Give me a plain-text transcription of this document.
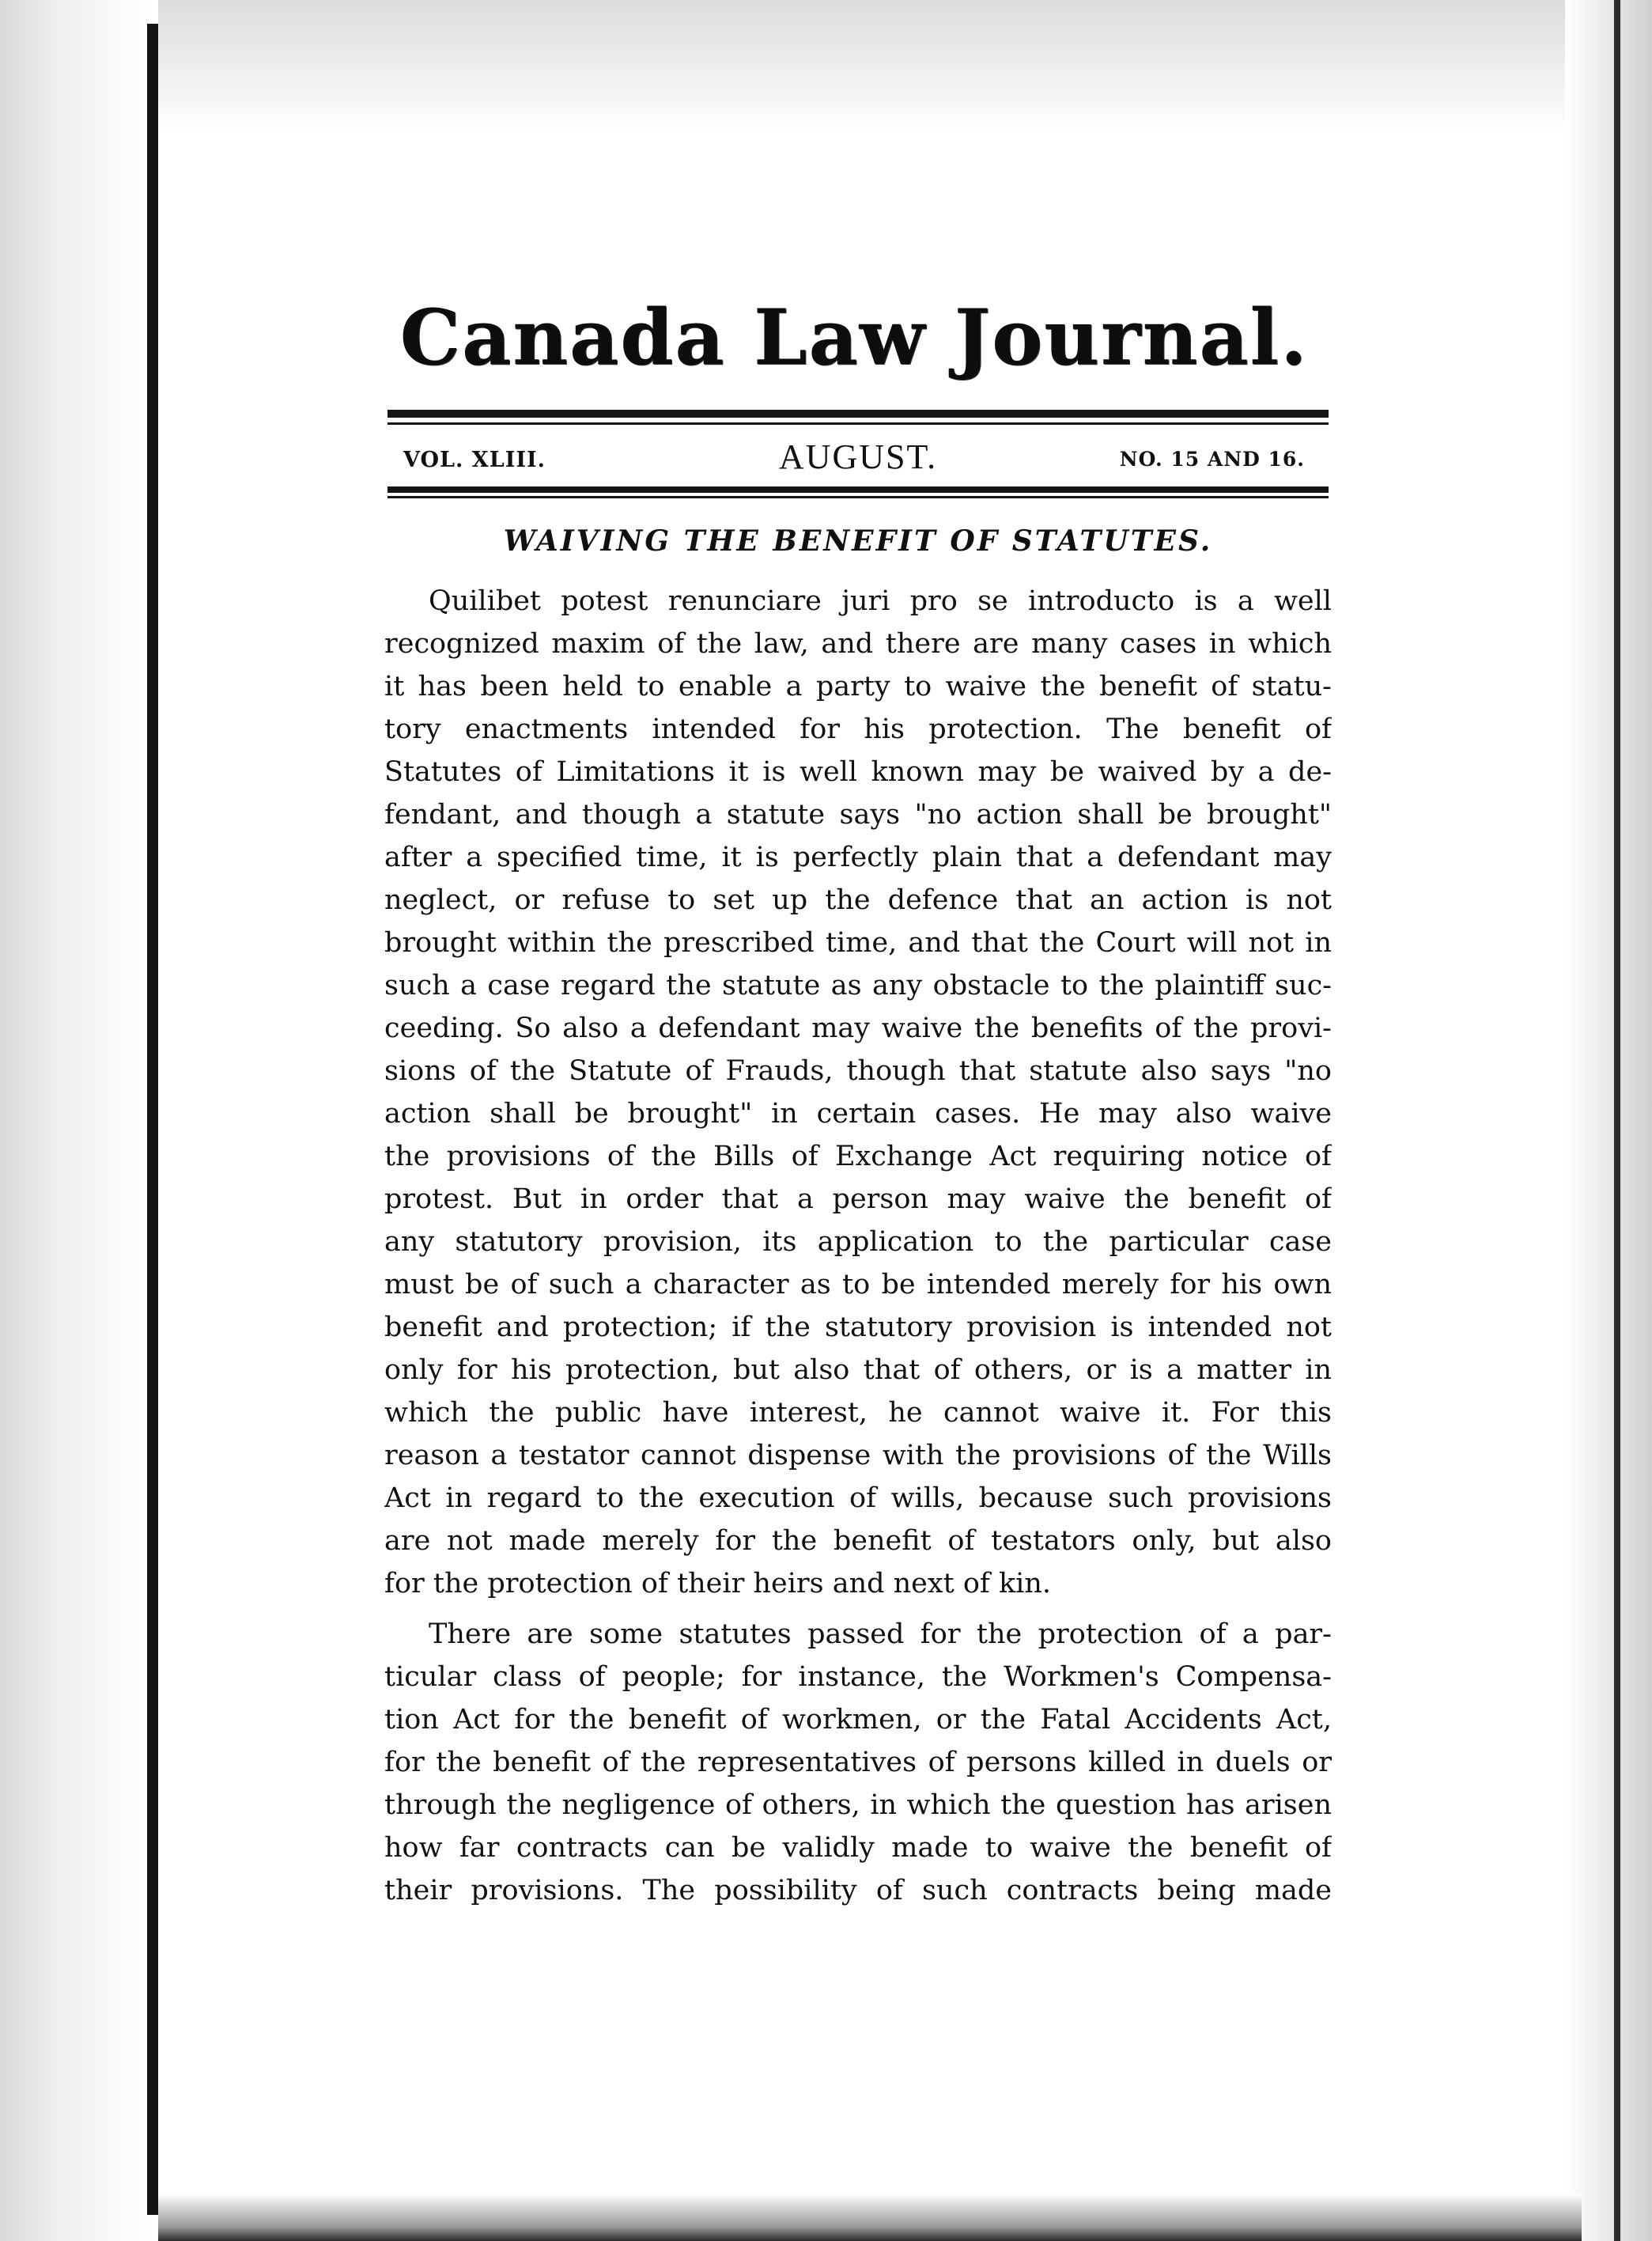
Canada Law Journal.
VOL. XLIII.	AUGUST.	NO. 15 AND 16.
WAIVING THE BENEFIT OF STATUTES.
Quilibet potest renunciare juri pro se introducto is a well
recognized maxim of the law, and there are many cases in which
it has been held to enable a party to waive the benefit of statu-
tory enactments intended for his protection. The benefit of
Statutes of Limitations it is well known may be waived by a de-
fendant, and though a statute says "no action shall be brought"
after a specified time, it is perfectly plain that a defendant may
neglect, or refuse to set up the defence that an action is not
brought within the prescribed time, and that the Court will not in
such a case regard the statute as any obstacle to the plaintiff suc-
ceeding. So also a defendant may waive the benefits of the provi-
sions of the Statute of Frauds, though that statute also says "no
action shall be brought" in certain cases. He may also waive
the provisions of the Bills of Exchange Act requiring notice of
protest. But in order that a person may waive the benefit of
any statutory provision, its application to the particular case
must be of such a character as to be intended merely for his own
benefit and protection; if the statutory provision is intended not
only for his protection, but also that of others, or is a matter in
which the public have interest, he cannot waive it. For this
reason a testator cannot dispense with the provisions of the Wills
Act in regard to the execution of wills, because such provisions
are not made merely for the benefit of testators only, but also
for the protection of their heirs and next of kin.
There are some statutes passed for the protection of a par-
ticular class of people; for instance, the Workmen's Compensa-
tion Act for the benefit of workmen, or the Fatal Accidents Act,
for the benefit of the representatives of persons killed in duels or
through the negligence of others, in which the question has arisen
how far contracts can be validly made to waive the benefit of
their provisions. The possibility of such contracts being made
